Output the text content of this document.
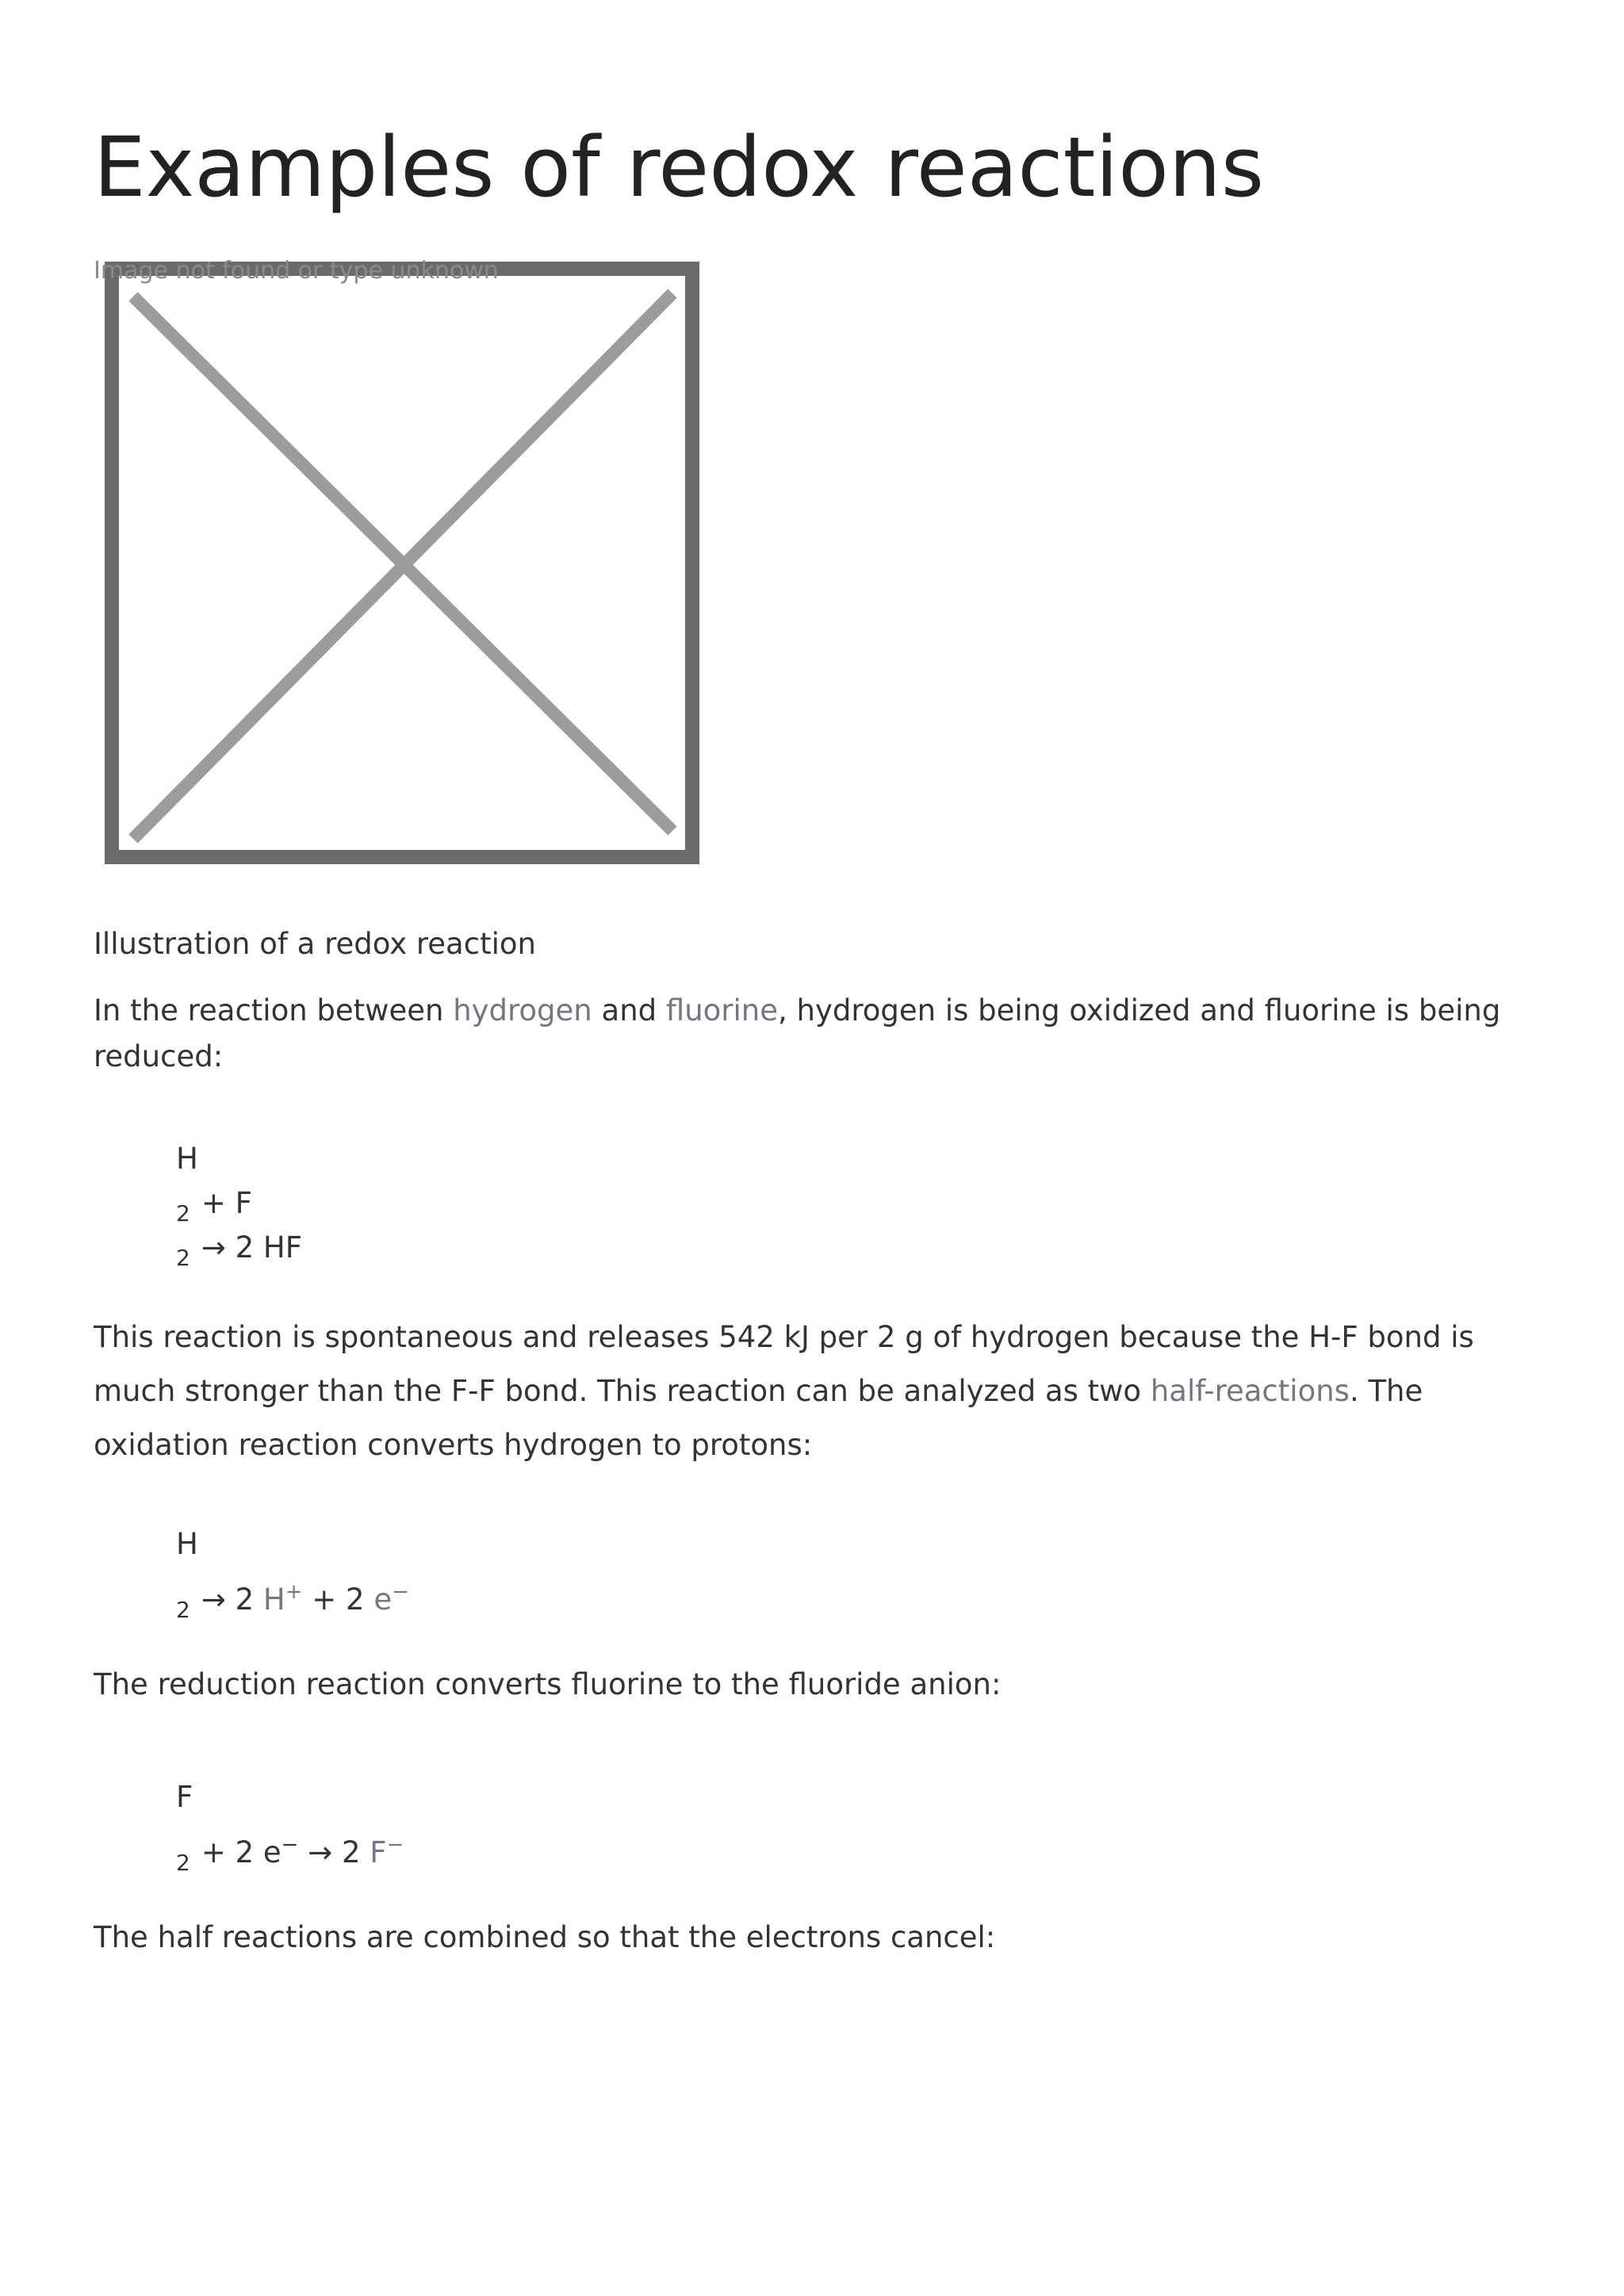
Examples of redox reactions
Image not found or type unknown

Illustration of a redox reaction

In the reaction between hydrogen and fluorine, hydrogen is being oxidized and fluorine is being reduced:

H
$_2$ + F
$_2$ → 2 HF

This reaction is spontaneous and releases 542 kJ per 2 g of hydrogen because the H-F bond is much stronger than the F-F bond. This reaction can be analyzed as two half-reactions. The oxidation reaction converts hydrogen to protons:

H
$_2$ → 2 H+ + 2 e−

The reduction reaction converts fluorine to the fluoride anion:

F
$_2$ + 2 e− → 2 F−

The half reactions are combined so that the electrons cancel:
